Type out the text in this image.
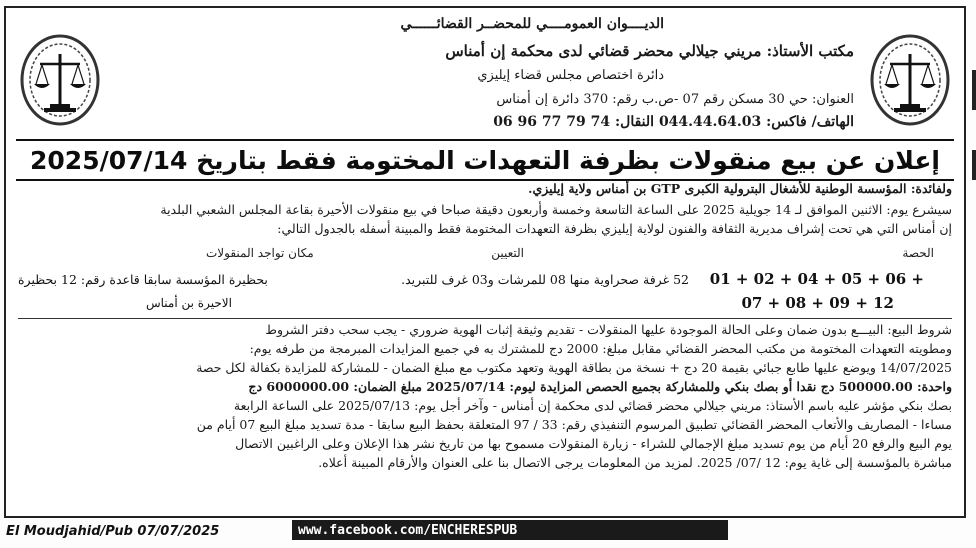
الديــــوان العمومــــي للمحضــر القضائــــــي
مكتب الأستاذ: مريني جيلالي محضر قضائي لدى محكمة إن أمناس
دائرة اختصاص مجلس قضاء إيليزي
العنوان: حي 30 مسكن رقم 07 -ص.ب رقم: 370 دائرة إن أمناس
الهاتف/ فاكس: 044.44.64.03 النقال: 74 79 77 96 06
إعلان عن بيع منقولات بظرفة التعهدات المختومة فقط بتاريخ 2025/07/14
ولفائدة: المؤسسة الوطنية للأشغال البترولية الكبرى GTP بن أمناس ولاية إيليزي.
سيشرع يوم: الاثنين الموافق لـ 14 جويلية 2025 على الساعة التاسعة وخمسة وأربعون دقيقة صباحا في بيع منقولات الأحيرة بقاعة المجلس الشعبي البلدية
إن أمناس التي هي تحت إشراف مديرية الثقافة والفنون لولاية إيليزي بظرفة التعهدات المختومة فقط والمبينة أسفله بالجدول التالي:
الحصة
التعيين
مكان تواجد المنقولات
01 + 02 + 04 + 05 + 06 +
07 + 08 + 09 + 12
52 غرفة صحراوية منها 08 للمرشات و03 غرف للتبريد.
بحظيرة المؤسسة سابقا قاعدة رقم: 12 بحظيرة
الاحيرة بن أمناس
شروط البيع: البيـــع بدون ضمان وعلى الحالة الموجودة عليها المنقولات - تقديم وثيقة إثبات الهوية ضروري - يجب سحب دفتر الشروط
ومطويته التعهدات المختومة من مكتب المحضر القضائي مقابل مبلغ: 2000 دج للمشترك به في جميع المزايدات المبرمجة من طرفه يوم:
14/07/2025 ويوضع عليها طابع جبائي بقيمة 20 دج + نسخة من بطاقة الهوية وتعهد مكتوب مع مبلغ الضمان - للمشاركة للمزايدة بكفالة لكل حصة
واحدة: 500000.00 دج نقدا أو بصك بنكي وللمشاركة بجميع الحصص المزايدة ليوم: 2025/07/14 مبلغ الضمان: 6000000.00 دج
بصك بنكي مؤشر عليه باسم الأستاذ: مريني جيلالي محضر قضائي لدى محكمة إن أمناس - وآخر أجل يوم: 2025/07/13 على الساعة الرابعة
مساءا - المصاريف والأتعاب المحضر القضائي تطبيق المرسوم التنفيذي رقم: 33 / 97 المتعلقة بحفظ البيع سابقا - مدة تسديد مبلغ البيع 07 أيام من
يوم البيع والرفع 20 أيام من يوم تسديد مبلغ الإجمالي للشراء - زيارة المنقولات مسموح بها من تاريخ نشر هذا الإعلان وعلى الراغبين الاتصال
مباشرة بالمؤسسة إلى غاية يوم: 12 /07/ 2025. لمزيد من المعلومات يرجى الاتصال بنا على العنوان والأرقام المبينة أعلاه.
El Moudjahid/Pub 07/07/2025	www.facebook.com/ENCHERESPUB
